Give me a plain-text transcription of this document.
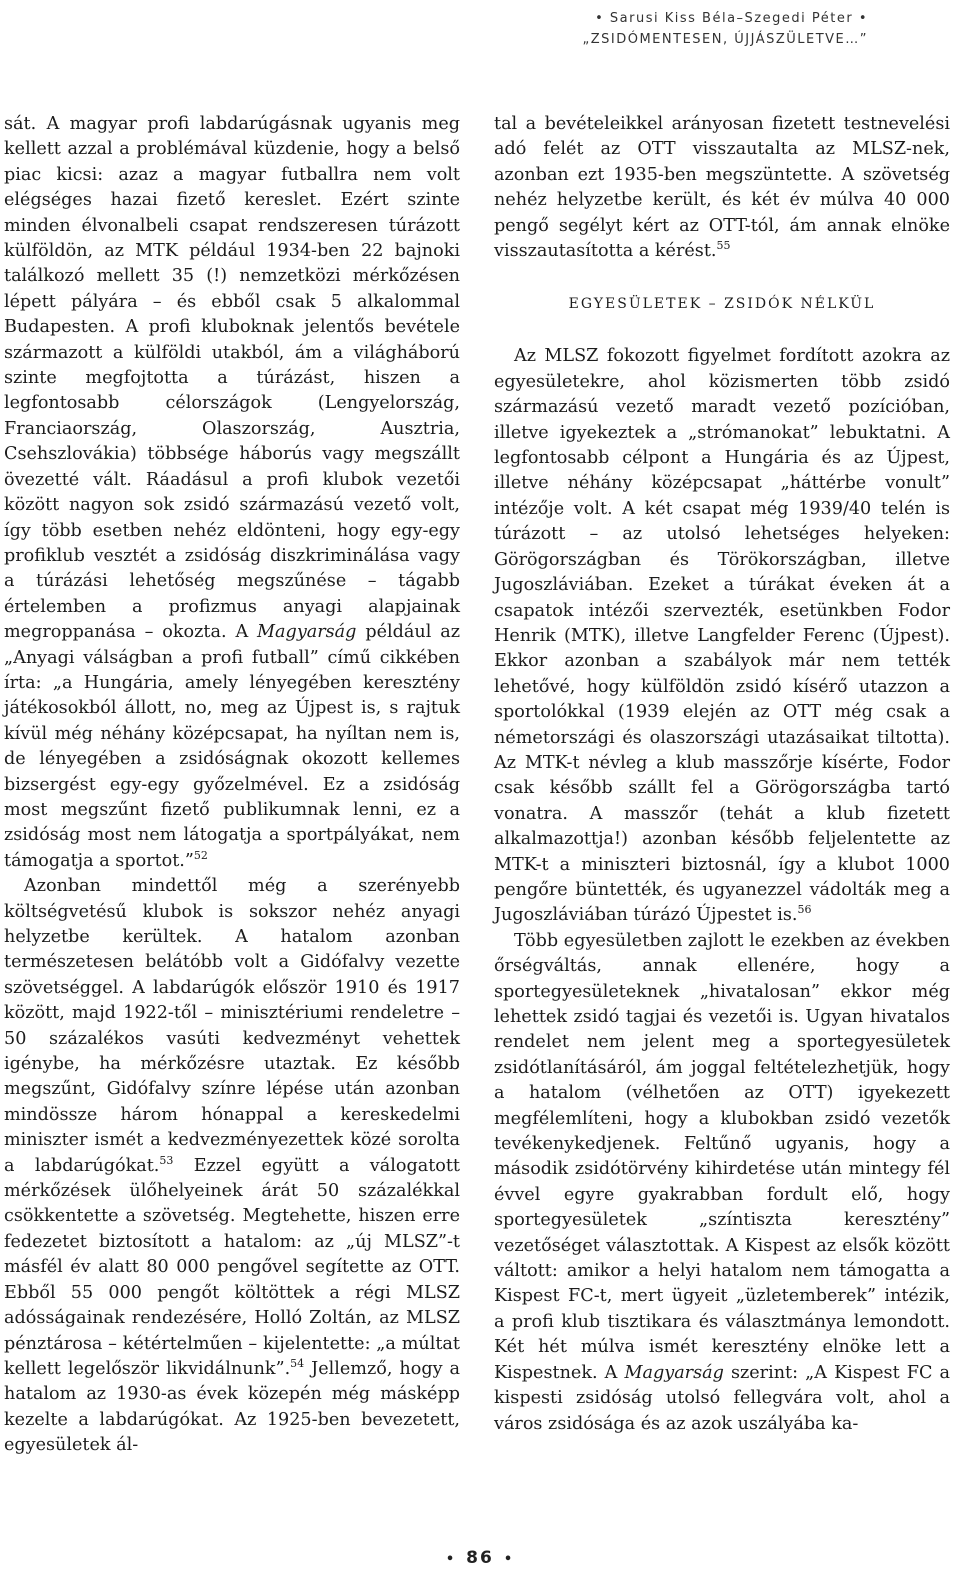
• Sarusi Kiss Béla–Szegedi Péter •
„ZSIDÓMENTESEN, ÚJJÁSZÜLETVE…”

sát. A magyar profi labdarúgásnak ugyanis meg kellett azzal a problémával küzdenie, hogy a belső piac kicsi: azaz a magyar futballra nem volt elégséges hazai fizető kereslet. Ezért szinte minden élvonalbeli csapat rendszeresen túrázott külföldön, az MTK például 1934-ben 22 bajnoki találkozó mellett 35 (!) nemzetközi mérkőzésen lépett pályára – és ebből csak 5 alkalommal Budapesten. A profi kluboknak jelentős bevétele származott a külföldi utakból, ám a világháború szinte megfojtotta a túrázást, hiszen a legfontosabb célországok (Lengyelország, Franciaország, Olaszország, Ausztria, Csehszlovákia) többsége háborús vagy megszállt övezetté vált. Ráadásul a profi klubok vezetői között nagyon sok zsidó származású vezető volt, így több esetben nehéz eldönteni, hogy egy-egy profiklub vesztét a zsidóság diszkriminálása vagy a túrázási lehetőség megszűnése – tágabb értelemben a profizmus anyagi alapjainak megroppanása – okozta. A Magyarság például az „Anyagi válságban a profi futball” című cikkében írta: „a Hungária, amely lényegében keresztény játékosokból állott, no, meg az Újpest is, s rajtuk kívül még néhány középcsapat, ha nyíltan nem is, de lényegében a zsidóságnak okozott kellemes bizsergést egy-egy győzelmével. Ez a zsidóság most megszűnt fizető publikumnak lenni, ez a zsidóság most nem látogatja a sportpályákat, nem támogatja a sportot.”$^{52}$

Azonban mindettől még a szerényebb költségvetésű klubok is sokszor nehéz anyagi helyzetbe kerültek. A hatalom azonban természetesen belátóbb volt a Gidófalvy vezette szövetséggel. A labdarúgók először 1910 és 1917 között, majd 1922-től – minisztériumi rendeletre – 50 százalékos vasúti kedvezményt vehettek igénybe, ha mérkőzésre utaztak. Ez később megszűnt, Gidófalvy színre lépése után azonban mindössze három hónappal a kereskedelmi miniszter ismét a kedvezményezettek közé sorolta a labdarúgókat.$^{53}$ Ezzel együtt a válogatott mérkőzések ülőhelyeinek árát 50 százalékkal csökkentette a szövetség. Megtehette, hiszen erre fedezetet biztosított a hatalom: az „új MLSZ”-t másfél év alatt 80 000 pengővel segítette az OTT. Ebből 55 000 pengőt költöttek a régi MLSZ adósságainak rendezésére, Holló Zoltán, az MLSZ pénztárosa – kétértelműen – kijelentette: „a múltat kellett legelőször likvidálnunk”.$^{54}$ Jellemző, hogy a hatalom az 1930-as évek közepén még másképp kezelte a labdarúgókat. Az 1925-ben bevezetett, egyesületek ál-

tal a bevételeikkel arányosan fizetett testnevelési adó felét az OTT visszautalta az MLSZ-nek, azonban ezt 1935-ben megszüntette. A szövetség nehéz helyzetbe került, és két év múlva 40 000 pengő segélyt kért az OTT-tól, ám annak elnöke visszautasította a kérést.$^{55}$

EGYESÜLETEK – ZSIDÓK NÉLKÜL

Az MLSZ fokozott figyelmet fordított azokra az egyesületekre, ahol közismerten több zsidó származású vezető maradt vezető pozícióban, illetve igyekeztek a „strómanokat” lebuktatni. A legfontosabb célpont a Hungária és az Újpest, illetve néhány középcsapat „háttérbe vonult” intézője volt. A két csapat még 1939/40 telén is túrázott – az utolsó lehetséges helyeken: Görögországban és Törökországban, illetve Jugoszláviában. Ezeket a túrákat éveken át a csapatok intézői szervezték, esetünkben Fodor Henrik (MTK), illetve Langfelder Ferenc (Újpest). Ekkor azonban a szabályok már nem tették lehetővé, hogy külföldön zsidó kísérő utazzon a sportolókkal (1939 elején az OTT még csak a németországi és olaszországi utazásaikat tiltotta). Az MTK-t névleg a klub masszőrje kísérte, Fodor csak később szállt fel a Görögországba tartó vonatra. A masszőr (tehát a klub fizetett alkalmazottja!) azonban később feljelentette az MTK-t a miniszteri biztosnál, így a klubot 1000 pengőre büntették, és ugyanezzel vádolták meg a Jugoszláviában túrázó Újpestet is.$^{56}$

Több egyesületben zajlott le ezekben az években őrségváltás, annak ellenére, hogy a sportegyesületeknek „hivatalosan” ekkor még lehettek zsidó tagjai és vezetői is. Ugyan hivatalos rendelet nem jelent meg a sportegyesületek zsidótlanításáról, ám joggal feltételezhetjük, hogy a hatalom (vélhetően az OTT) igyekezett megfélemlíteni, hogy a klubokban zsidó vezetők tevékenykedjenek. Feltűnő ugyanis, hogy a második zsidótörvény kihirdetése után mintegy fél évvel egyre gyakrabban fordult elő, hogy sportegyesületek „színtiszta keresztény” vezetőséget választottak. A Kispest az elsők között váltott: amikor a helyi hatalom nem támogatta a Kispest FC-t, mert ügyeit „üzletemberek” intézik, a profi klub tisztikara és választmánya lemondott. Két hét múlva ismét keresztény elnöke lett a Kispestnek. A Magyarság szerint: „A Kispest FC a kispesti zsidóság utolsó fellegvára volt, ahol a város zsidósága és az azok uszályába ka-

• 86 •
